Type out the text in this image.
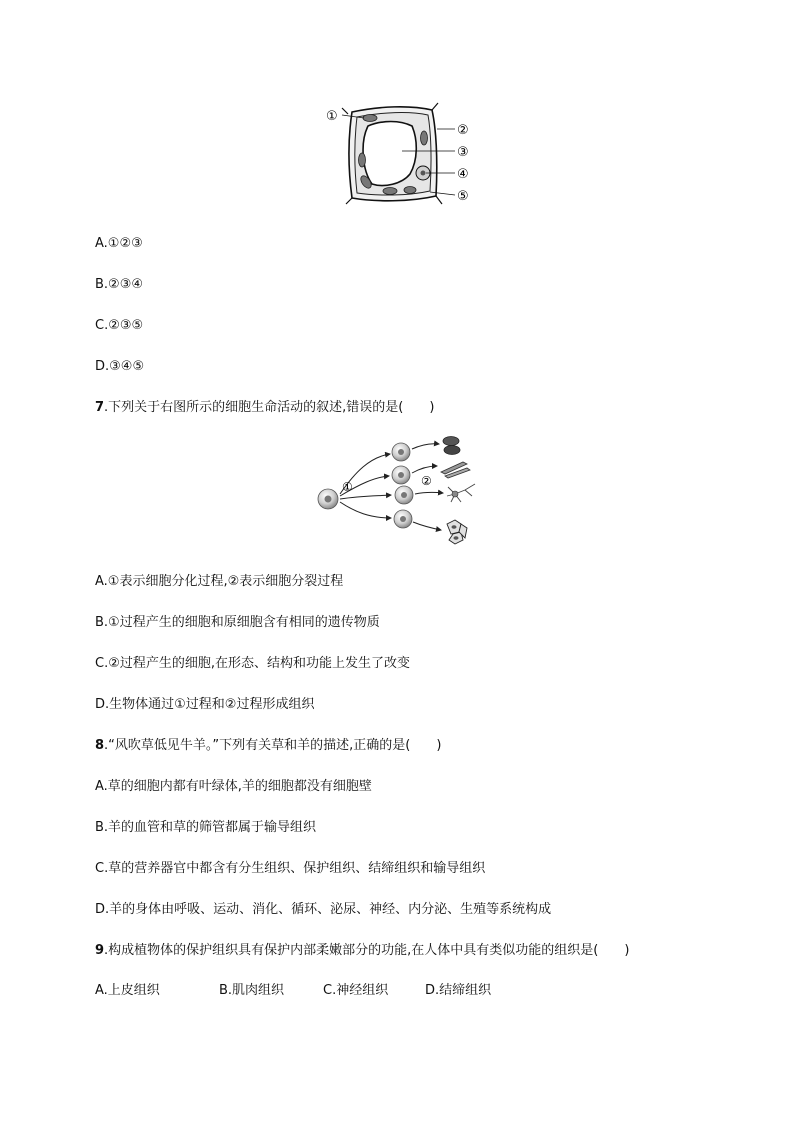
①
②
③
④
⑤
A.①②③
B.②③④
C.②③⑤
D.③④⑤
7.下列关于右图所示的细胞生命活动的叙述,错误的是(　　)
①	②
A.①表示细胞分化过程,②表示细胞分裂过程
B.①过程产生的细胞和原细胞含有相同的遗传物质
C.②过程产生的细胞,在形态、结构和功能上发生了改变
D.生物体通过①过程和②过程形成组织
8.“风吹草低见牛羊。”下列有关草和羊的描述,正确的是(　　)
A.草的细胞内都有叶绿体,羊的细胞都没有细胞壁
B.羊的血管和草的筛管都属于输导组织
C.草的营养器官中都含有分生组织、保护组织、结缔组织和输导组织
D.羊的身体由呼吸、运动、消化、循环、泌尿、神经、内分泌、生殖等系统构成
9.构成植物体的保护组织具有保护内部柔嫩部分的功能,在人体中具有类似功能的组织是(　　)
A.上皮组织	B.肌肉组织	C.神经组织	D.结缔组织
